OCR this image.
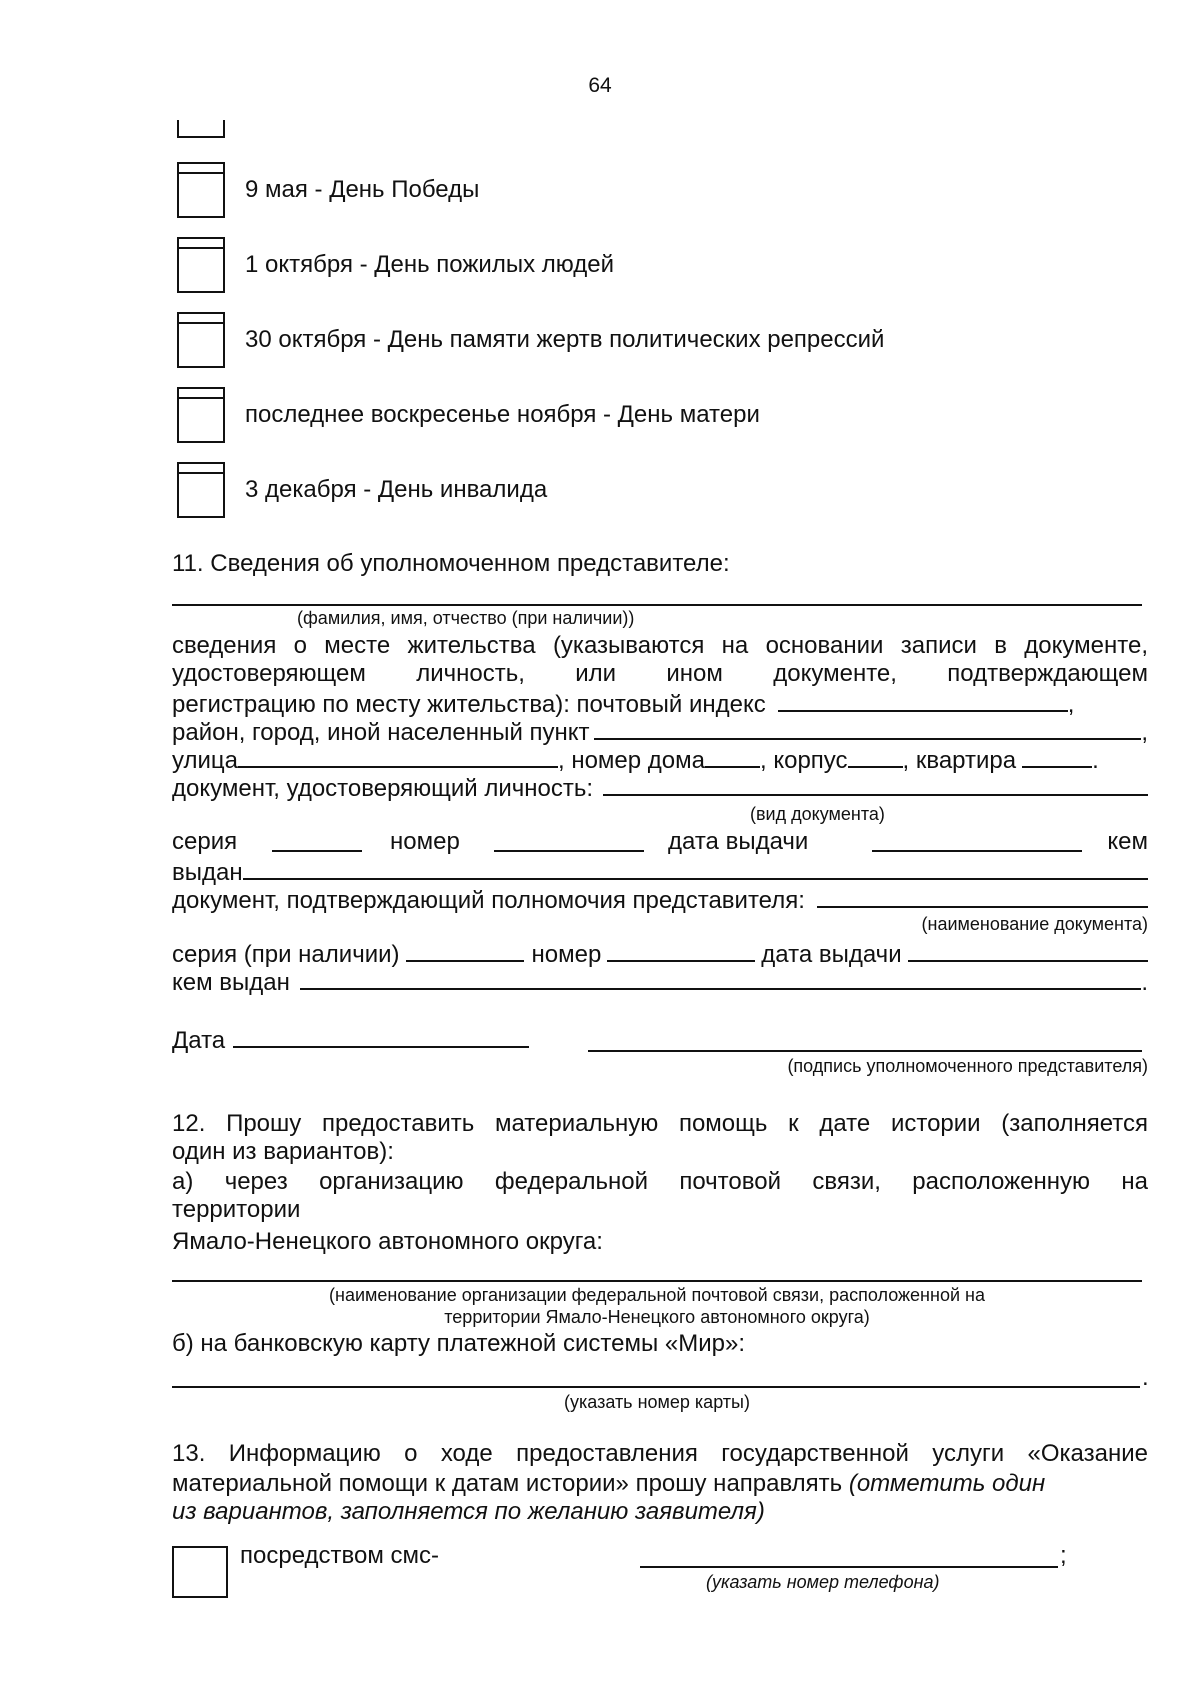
64
9 мая - День Победы
1 октября - День пожилых людей
30 октября - День памяти жертв политических репрессий
последнее воскресенье ноября - День матери
3 декабря - День инвалида
11. Сведения об уполномоченном представителе:
(фамилия, имя, отчество (при наличии))
сведения о месте жительства (указываются на основании записи в документе,
удостоверяющем личность, или ином документе, подтверждающем
регистрацию по месту жительства): почтовый индекс	,
район, город, иной населенный пункт	,
улица	, номер дома , корпус , квартира	.
документ, удостоверяющий личность:
(вид документа)
серия	номер	дата выдачи	кем
выдан
документ, подтверждающий полномочия представителя:
(наименование документа)
серия (при наличии)	номер	дата выдачи
кем выдан	.
Дата
(подпись уполномоченного представителя)
12. Прошу предоставить материальную помощь к дате истории (заполняется
один из вариантов):
а) через организацию федеральной почтовой связи, расположенную на
территории
Ямало-Ненецкого автономного округа:
(наименование организации федеральной почтовой связи, расположенной на
территории Ямало-Ненецкого автономного округа)
б) на банковскую карту платежной системы «Мир»:
.
(указать номер карты)
13. Информацию о ходе предоставления государственной услуги «Оказание
материальной помощи к датам истории» прошу направлять (отметить один
из вариантов, заполняется по желанию заявителя)
посредством смс-	;
(указать номер телефона)
